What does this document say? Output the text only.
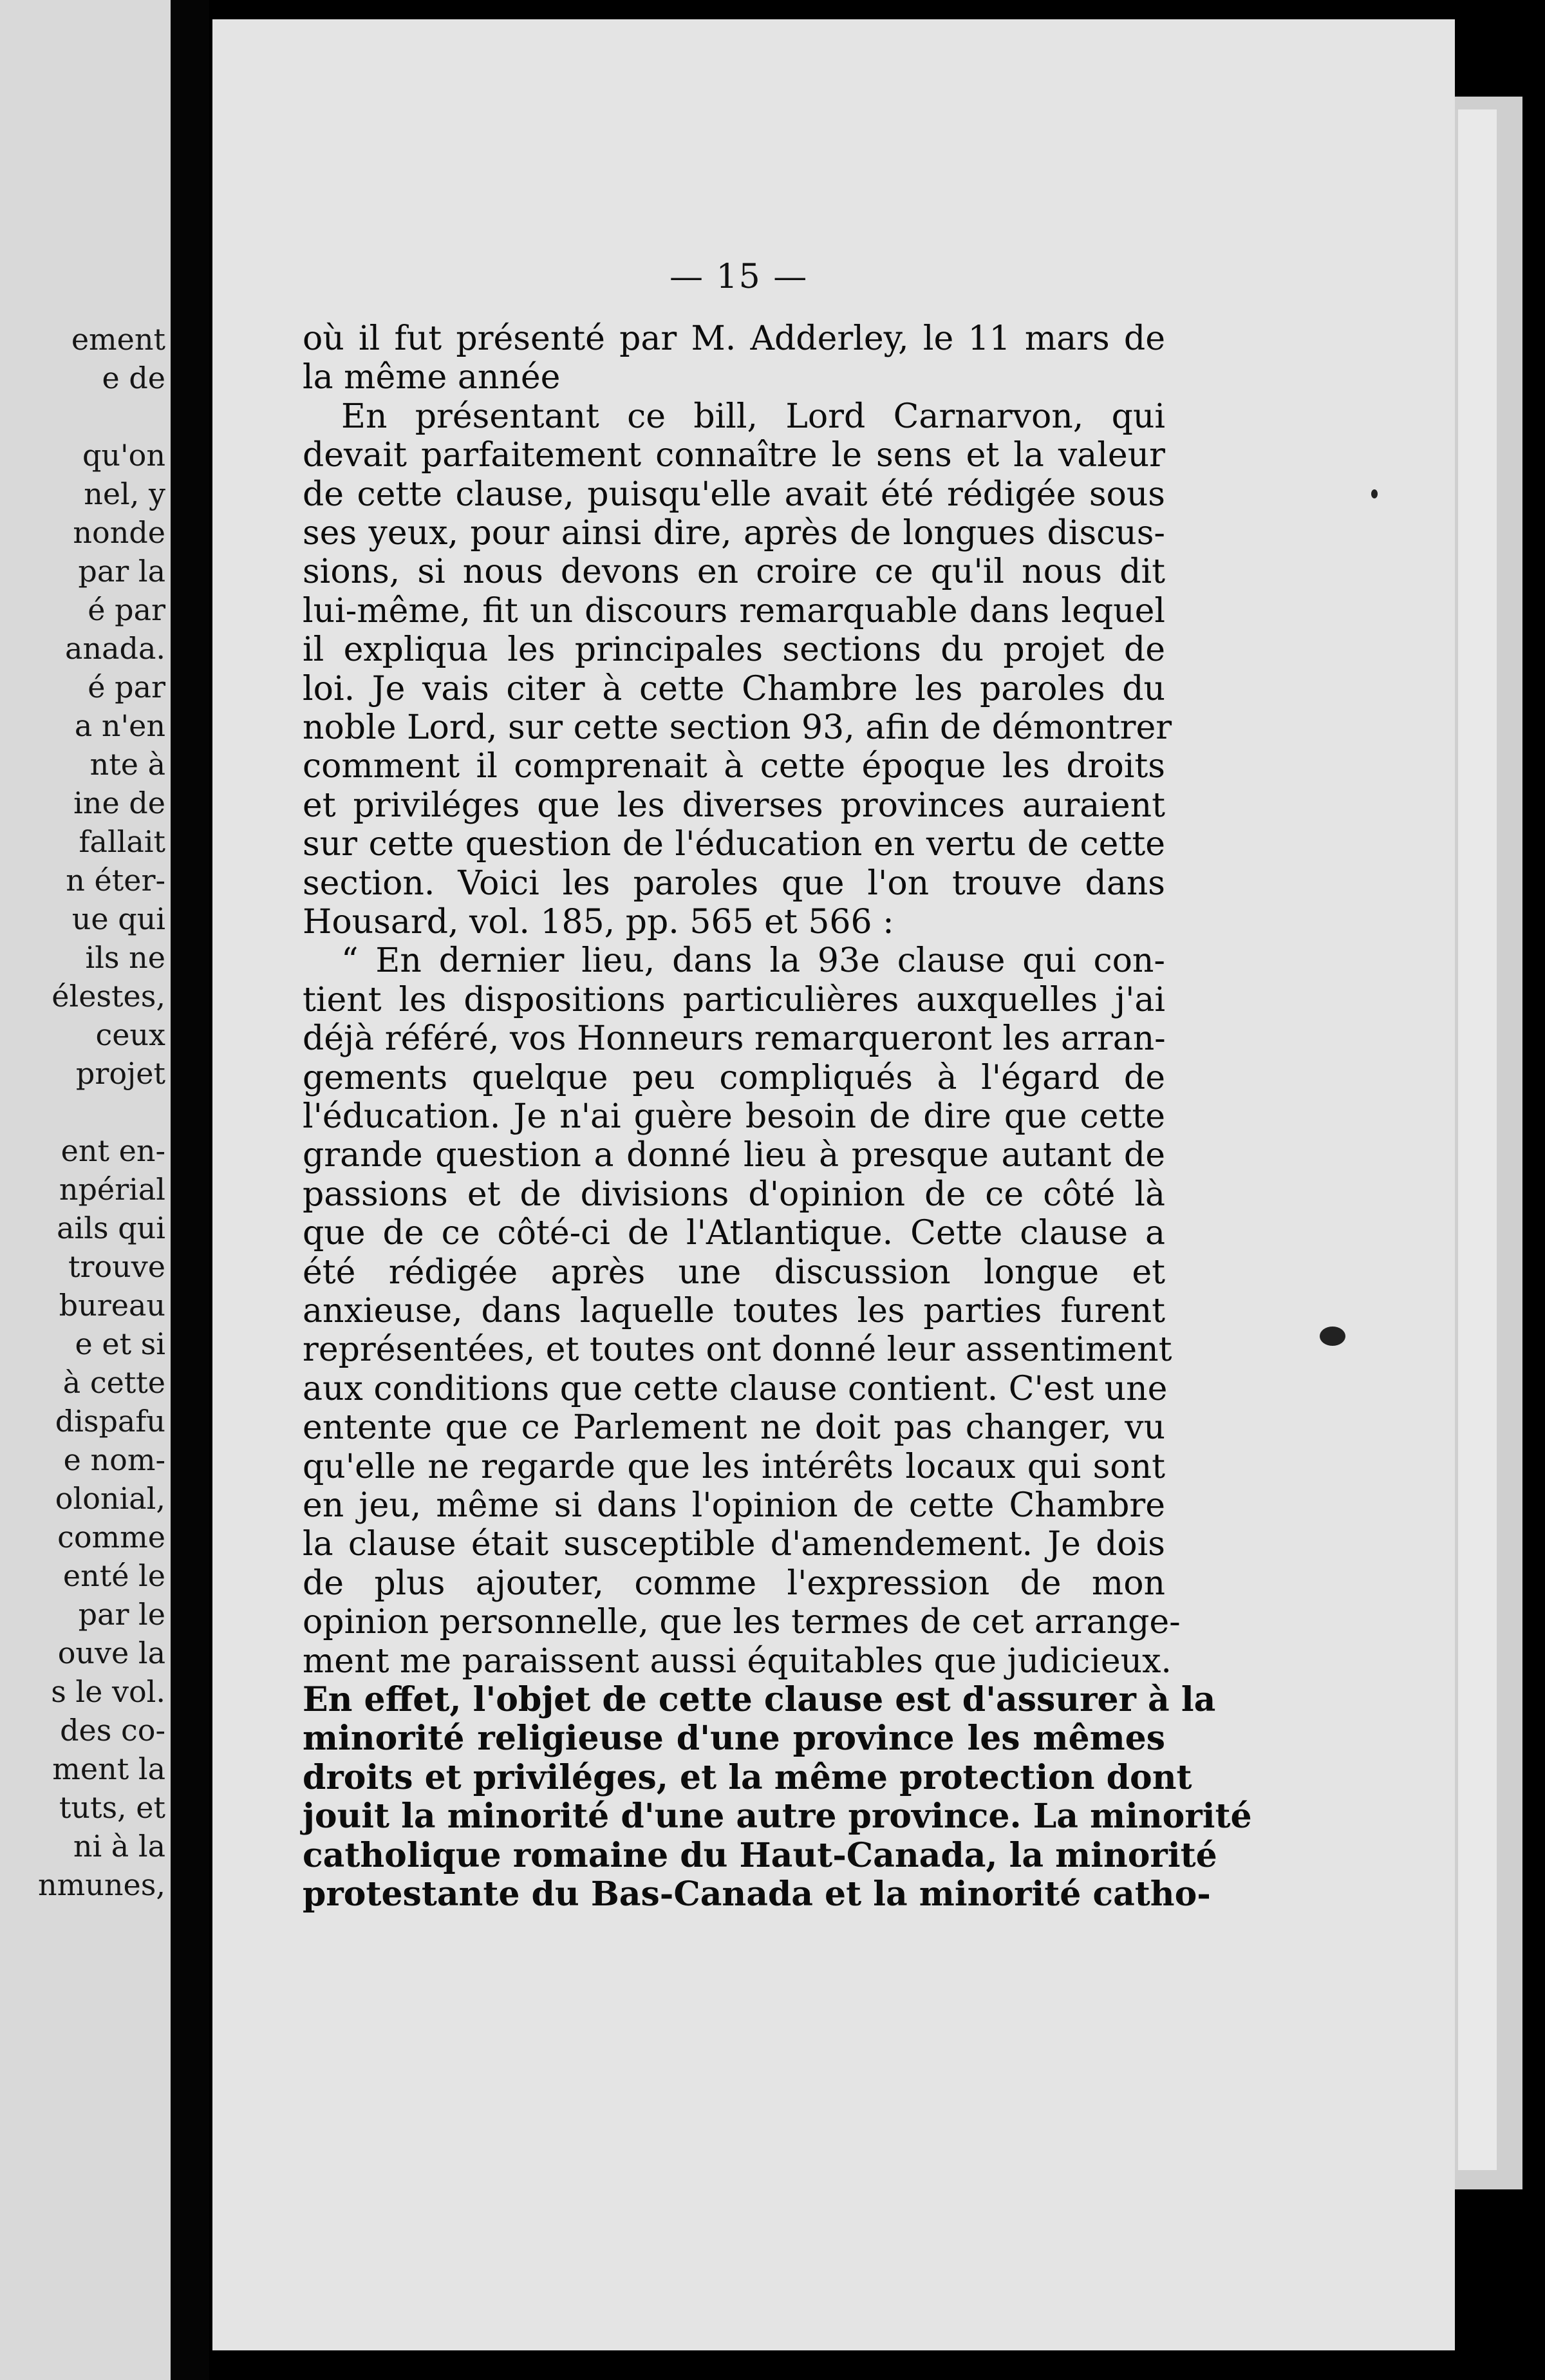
ement
e de
qu'on
nel, y
nonde
par la
é par
anada.
é par
a n'en
nte à
ine de
fallait
n éter-
ue qui
ils ne
élestes,
ceux
projet
ent en-
npérial
ails qui
trouve
bureau
e et si
à cette
dispafu
e nom-
olonial,
comme
enté le
par le
ouve la
s le vol.
des co-
ment la
tuts, et
ni à la
nmunes,
— 15 —
où il fut présenté par M. Adderley, le 11 mars de
la même année
En présentant ce bill, Lord Carnarvon, qui
devait parfaitement connaître le sens et la valeur
de cette clause, puisqu'elle avait été rédigée sous
ses yeux, pour ainsi dire, après de longues discus-
sions, si nous devons en croire ce qu'il nous dit
lui-même, fit un discours remarquable dans lequel
il expliqua les principales sections du projet de
loi. Je vais citer à cette Chambre les paroles du
noble Lord, sur cette section 93, afin de démontrer
comment il comprenait à cette époque les droits
et priviléges que les diverses provinces auraient
sur cette question de l'éducation en vertu de cette
section. Voici les paroles que l'on trouve dans
Housard, vol. 185, pp. 565 et 566 :
“ En dernier lieu, dans la 93e clause qui con-
tient les dispositions particulières auxquelles j'ai
déjà référé, vos Honneurs remarqueront les arran-
gements quelque peu compliqués à l'égard de
l'éducation. Je n'ai guère besoin de dire que cette
grande question a donné lieu à presque autant de
passions et de divisions d'opinion de ce côté là
que de ce côté-ci de l'Atlantique. Cette clause a
été rédigée après une discussion longue et
anxieuse, dans laquelle toutes les parties furent
représentées, et toutes ont donné leur assentiment
aux conditions que cette clause contient. C'est une
entente que ce Parlement ne doit pas changer, vu
qu'elle ne regarde que les intérêts locaux qui sont
en jeu, même si dans l'opinion de cette Chambre
la clause était susceptible d'amendement. Je dois
de plus ajouter, comme l'expression de mon
opinion personnelle, que les termes de cet arrange-
ment me paraissent aussi équitables que judicieux.
En effet, l'objet de cette clause est d'assurer à la
minorité religieuse d'une province les mêmes
droits et priviléges, et la même protection dont
jouit la minorité d'une autre province. La minorité
catholique romaine du Haut-Canada, la minorité
protestante du Bas-Canada et la minorité catho-
